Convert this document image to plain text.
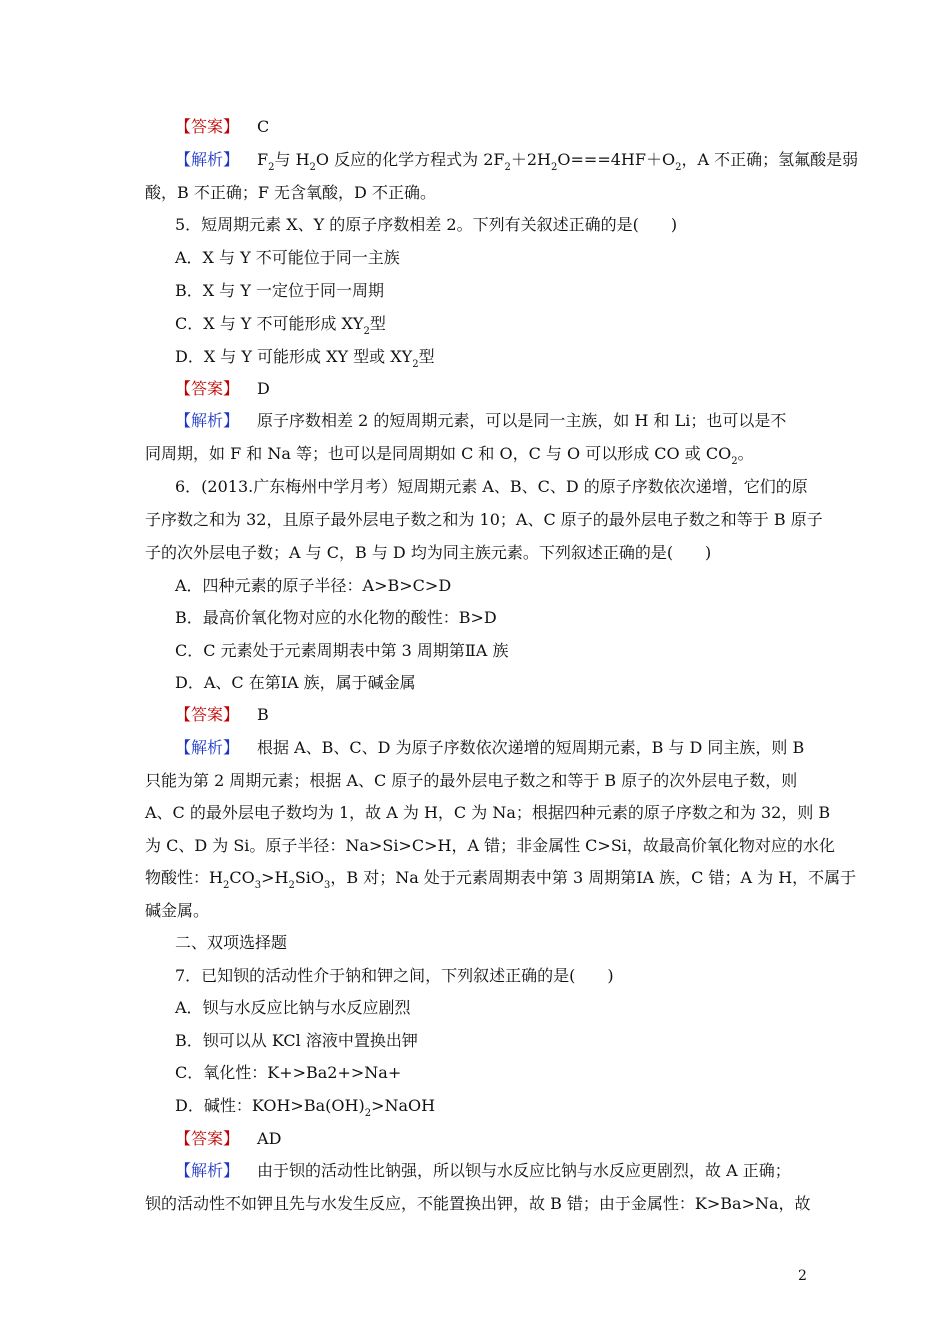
【答案】 C
【解析】 $F_2$与 $H_2O$ 反应的化学方程式为 $2F_2+2H_2O===4HF+O_2$，A 不正确；氢氟酸是弱
酸，B 不正确；F 无含氧酸，D 不正确。
5．短周期元素 X、Y 的原子序数相差 2。下列有关叙述正确的是(　　)
A．X 与 Y 不可能位于同一主族
B．X 与 Y 一定位于同一周期
C．X 与 Y 不可能形成 $XY_2$型
D．X 与 Y 可能形成 XY 型或 $XY_2$型
【答案】 D
【解析】 原子序数相差 2 的短周期元素，可以是同一主族，如 H 和 Li；也可以是不
同周期，如 F 和 Na 等；也可以是同周期如 C 和 O，C 与 O 可以形成 CO 或 $CO_2$。
6．(2013.广东梅州中学月考）短周期元素 A、B、C、D 的原子序数依次递增，它们的原
子序数之和为 32，且原子最外层电子数之和为 10；A、C 原子的最外层电子数之和等于 B 原子
子的次外层电子数；A 与 C，B 与 D 均为同主族元素。下列叙述正确的是(　　)
A．四种元素的原子半径：A>B>C>D
B．最高价氧化物对应的水化物的酸性：B>D
C．C 元素处于元素周期表中第 3 周期第ⅡA 族
D．A、C 在第ⅠA 族，属于碱金属
【答案】 B
【解析】 根据 A、B、C、D 为原子序数依次递增的短周期元素，B 与 D 同主族，则 B
只能为第 2 周期元素；根据 A、C 原子的最外层电子数之和等于 B 原子的次外层电子数，则
A、C 的最外层电子数均为 1，故 A 为 H，C 为 Na；根据四种元素的原子序数之和为 32，则 B
为 C、D 为 Si。原子半径：Na>Si>C>H，A 错；非金属性 C>Si，故最高价氧化物对应的水化
物酸性：$H_2CO_3>H_2SiO_3$，B 对；Na 处于元素周期表中第 3 周期第ⅠA 族，C 错；A 为 H，不属于
碱金属。
二、双项选择题
7．已知钡的活动性介于钠和钾之间，下列叙述正确的是(　　)
A．钡与水反应比钠与水反应剧烈
B．钡可以从 KCl 溶液中置换出钾
C．氧化性：K+>Ba2+>Na+
D．碱性：$KOH>Ba(OH)_2>NaOH$
【答案】 AD
【解析】 由于钡的活动性比钠强，所以钡与水反应比钠与水反应更剧烈，故 A 正确；
钡的活动性不如钾且先与水发生反应，不能置换出钾，故 B 错；由于金属性：K>Ba>Na，故
2
